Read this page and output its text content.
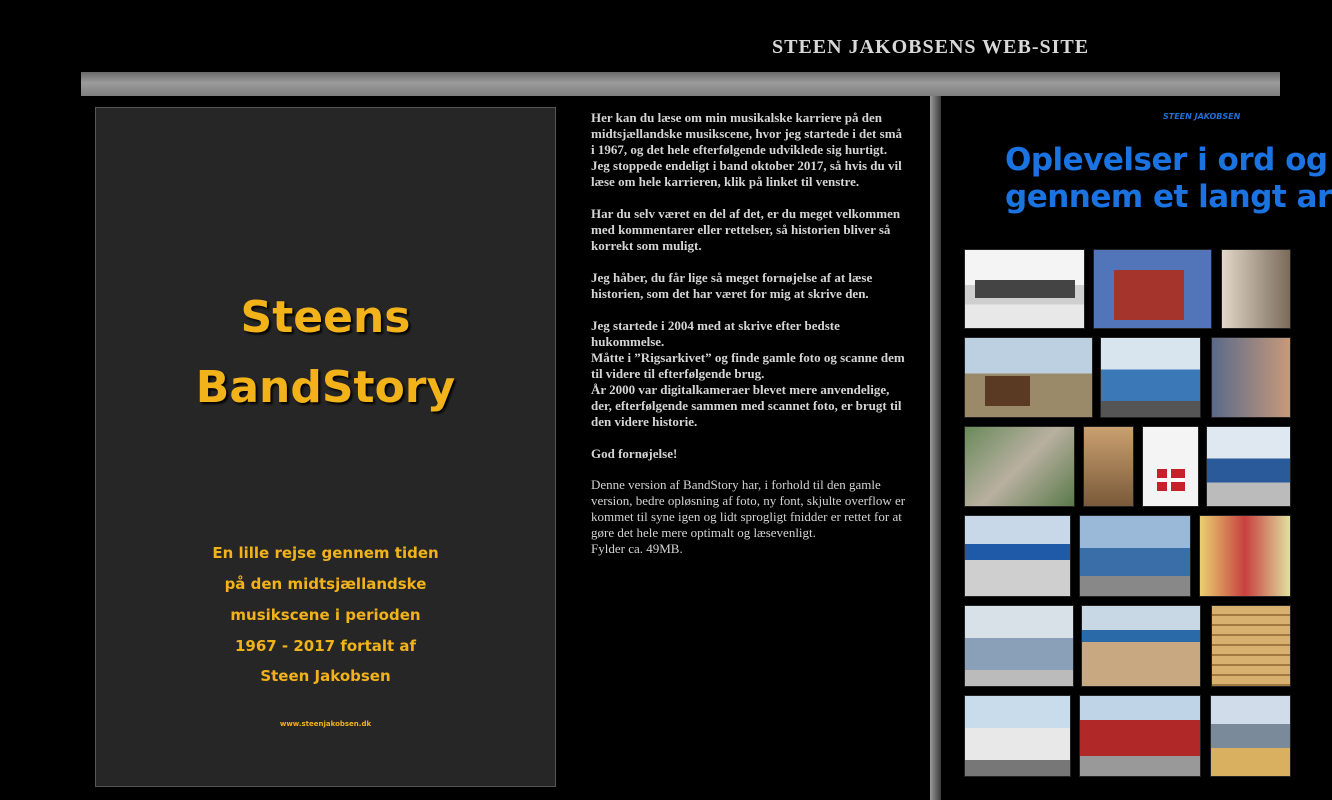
STEEN JAKOBSENS WEB-SITE
Steens
BandStory
En lille rejse gennem tiden
på den midtsjællandske
musikscene i perioden
1967 - 2017 fortalt af
Steen Jakobsen
www.steenjakobsen.dk

Her kan du læse om min musikalske karriere på den midtsjællandske musikscene, hvor jeg startede i det små i 1967, og det hele efterfølgende udviklede sig hurtigt.

Jeg stoppede endeligt i band oktober 2017, så hvis du vil læse om hele karrieren, klik på linket til venstre.

Har du selv været en del af det, er du meget velkommen med kommentarer eller rettelser, så historien bliver så korrekt som muligt.

Jeg håber, du får lige så meget fornøjelse af at læse historien, som det har været for mig at skrive den.

Jeg startede i 2004 med at skrive efter bedste hukommelse.

Måtte i ”Rigsarkivet” og finde gamle foto og scanne dem til videre til efterfølgende brug.

År 2000 var digitalkameraer blevet mere anvendelige, der, efterfølgende sammen med scannet foto, er brugt til den videre historie.

God fornøjelse!

Denne version af BandStory har, i forhold til den gamle version, bedre opløsning af foto, ny font, skjulte overflow er kommet til syne igen og lidt sprogligt fnidder er rettet for at gøre det hele mere optimalt og læsevenligt.

Fylder ca. 49MB.

STEEN JAKOBSEN
Oplevelser i ord og
gennem et langt ar
